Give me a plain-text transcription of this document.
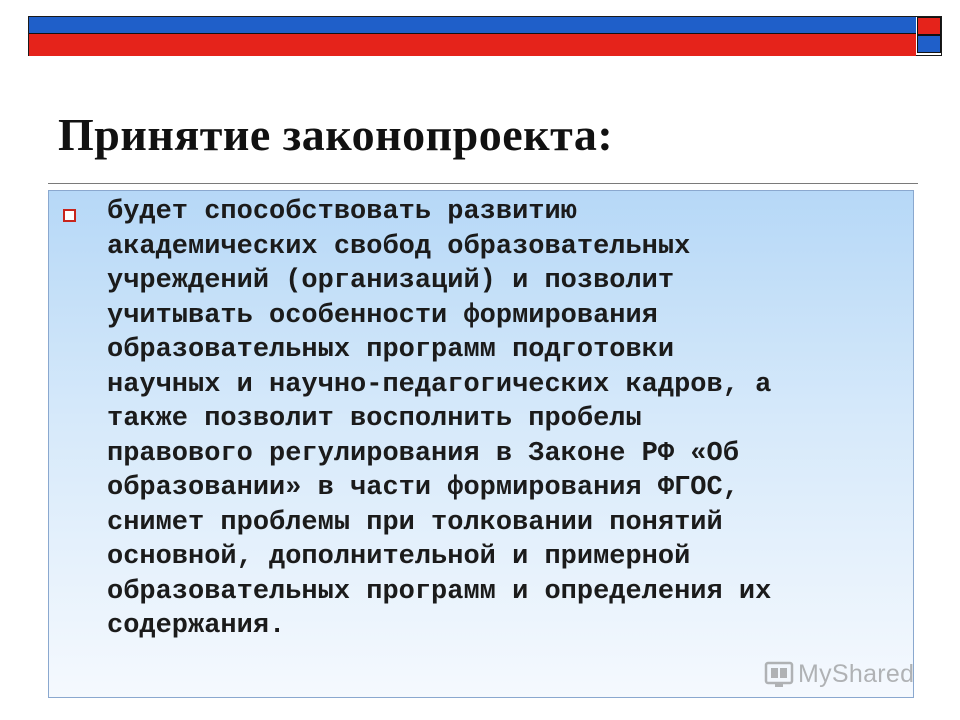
Принятие законопроекта:
будет способствовать развитию
академических свобод образовательных
учреждений (организаций) и позволит
учитывать особенности формирования
образовательных программ подготовки
научных и научно-педагогических кадров, а
также позволит восполнить пробелы
правового регулирования в Законе РФ «Об
образовании» в части формирования ФГОС,
снимет проблемы при толковании понятий
основной, дополнительной и примерной
образовательных программ и определения их
содержания.
MyShared
